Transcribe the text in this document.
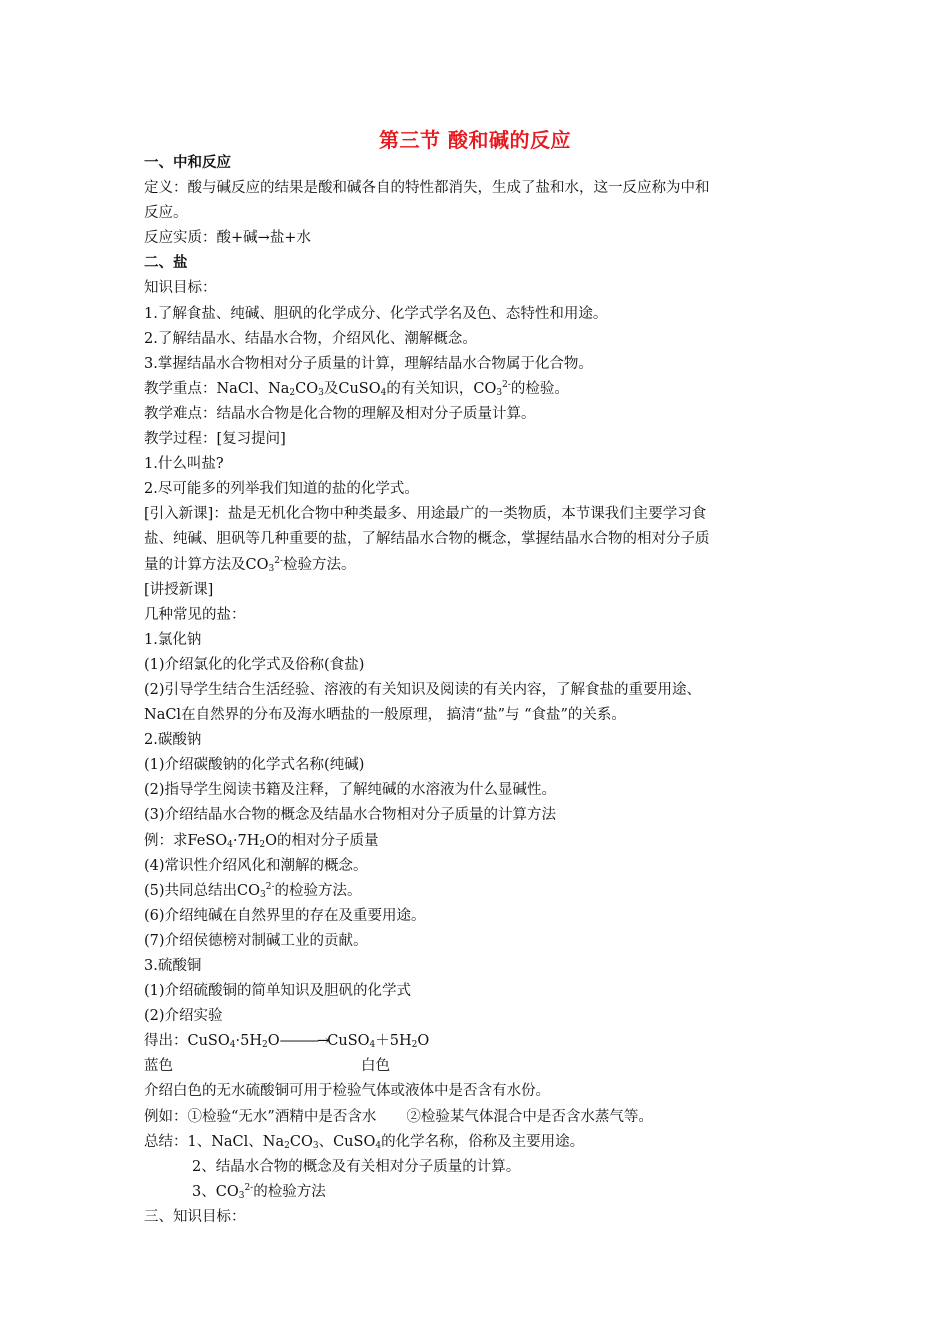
第三节 酸和碱的反应
一、中和反应
定义：酸与碱反应的结果是酸和碱各自的特性都消失，生成了盐和水，这一反应称为中和
反应。
反应实质：酸+碱→盐+水
二、盐
知识目标：
1.了解食盐、纯碱、胆矾的化学成分、化学式学名及色、态特性和用途。
2.了解结晶水、结晶水合物，介绍风化、潮解概念。
3.掌握结晶水合物相对分子质量的计算，理解结晶水合物属于化合物。
教学重点：NaCl、$Na_2CO_3$及CuSO$_4$的有关知识，$CO_3^{2-}$的检验。
教学难点：结晶水合物是化合物的理解及相对分子质量计算。
教学过程：[复习提问]
1.什么叫盐?
2.尽可能多的列举我们知道的盐的化学式。
[引入新课]：盐是无机化合物中种类最多、用途最广的一类物质，本节课我们主要学习食
盐、纯碱、胆矾等几种重要的盐，了解结晶水合物的概念，掌握结晶水合物的相对分子质
量的计算方法及$CO_3^{2-}$检验方法。
[讲授新课]
几种常见的盐：
1.氯化钠
(1)介绍氯化的化学式及俗称(食盐)
(2)引导学生结合生活经验、溶液的有关知识及阅读的有关内容，了解食盐的重要用途、
NaCl在自然界的分布及海水晒盐的一般原理， 搞清“盐”与 “食盐”的关系。
2.碳酸钠
(1)介绍碳酸钠的化学式名称(纯碱)
(2)指导学生阅读书籍及注释，了解纯碱的水溶液为什么显碱性。
(3)介绍结晶水合物的概念及结晶水合物相对分子质量的计算方法
例：求$FeSO_4\cdot 7H_2O$的相对分子质量
(4)常识性介绍风化和潮解的概念。
(5)共同总结出$CO_3^{2-}$的检验方法。
(6)介绍纯碱在自然界里的存在及重要用途。
(7)介绍侯德榜对制碱工业的贡献。
3.硫酸铜
(1)介绍硫酸铜的简单知识及胆矾的化学式
(2)介绍实验
得出：$CuSO_4\cdot 5H_2O———\to CuSO_4+5H_2O$
蓝色	白色
介绍白色的无水硫酸铜可用于检验气体或液体中是否含有水份。
例如：①检验“无水”酒精中是否含水 ②检验某气体混合中是否含水蒸气等。
总结：1、NaCl、$Na_2CO_3$、CuSO$_4$的化学名称，俗称及主要用途。
2、结晶水合物的概念及有关相对分子质量的计算。
3、$CO_3^{2-}$的检验方法
三、知识目标：
